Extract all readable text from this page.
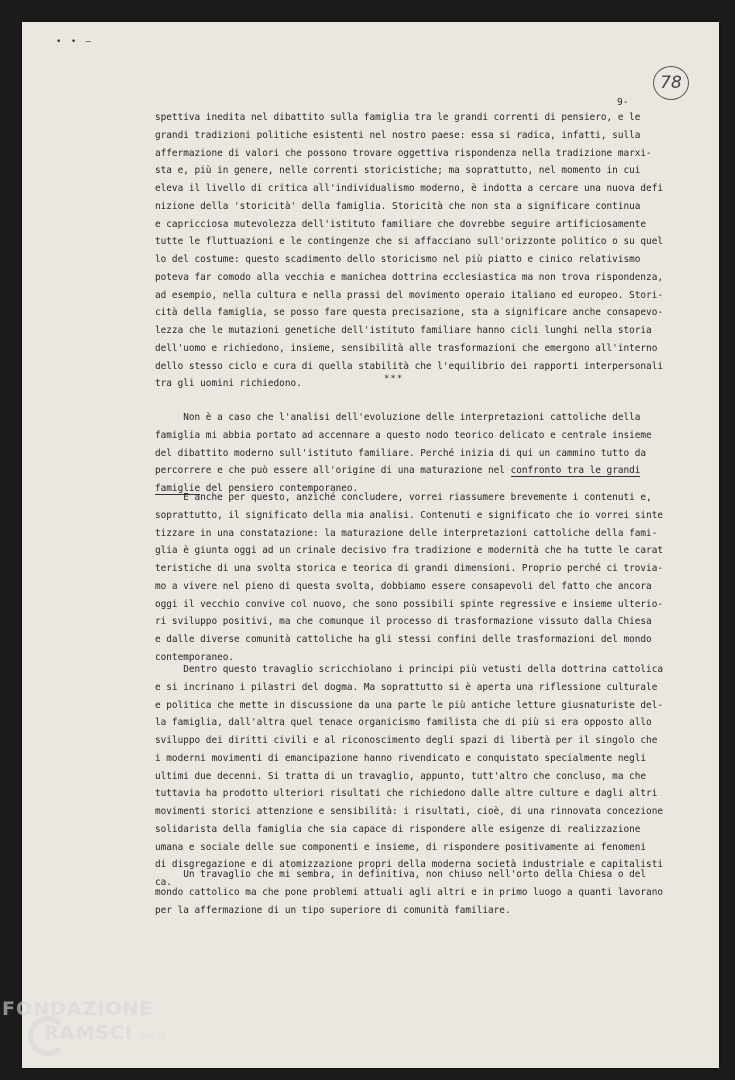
• • ‒
78
9-
spettiva inedita nel dibattito sulla famiglia tra le grandi correnti di pensiero, e le
grandi tradizioni politiche esistenti nel nostro paese: essa si radica, infatti, sulla
affermazione di valori che possono trovare oggettiva rispondenza nella tradizione marxi-
sta e, più in genere, nelle correnti storicistiche; ma soprattutto, nel momento in cui
eleva il livello di critica all'individualismo moderno, è indotta a cercare una nuova defi
nizione della 'storicità' della famiglia. Storicità che non sta a significare continua
e capricciosa mutevolezza dell'istituto familiare che dovrebbe seguire artificiosamente
tutte le fluttuazioni e le contingenze che si affacciano sull'orizzonte politico o su quel
lo del costume: questo scadimento dello storicismo nel più piatto e cinico relativismo
poteva far comodo alla vecchia e manichea dottrina ecclesiastica ma non trova rispondenza,
ad esempio, nella cultura e nella prassi del movimento operaio italiano ed europeo. Stori-
cità della famiglia, se posso fare questa precisazione, sta a significare anche consapevo-
lezza che le mutazioni genetiche dell'istituto familiare hanno cicli lunghi nella storia
dell'uomo e richiedono, insieme, sensibilità alle trasformazioni che emergono all'interno
dello stesso ciclo e cura di quella stabilità che l'equilibrio dei rapporti interpersonali
tra gli uomini richiedono.	***
Non è a caso che l'analisi dell'evoluzione delle interpretazioni cattoliche della
famiglia mi abbia portato ad accennare a questo nodo teorico delicato e centrale insieme
del dibattito moderno sull'istituto familiare. Perché inizia di qui un cammino tutto da
percorrere e che può essere all'origine di una maturazione nel confronto tra le grandi
famiglie del pensiero contemporaneo.
E anche per questo, anziché concludere, vorrei riassumere brevemente i contenuti e,
soprattutto, il significato della mia analisi. Contenuti e significato che io vorrei sinte
tizzare in una constatazione: la maturazione delle interpretazioni cattoliche della fami-
glia è giunta oggi ad un crinale decisivo fra tradizione e modernità che ha tutte le carat
teristiche di una svolta storica e teorica di grandi dimensioni. Proprio perché ci trovia-
mo a vivere nel pieno di questa svolta, dobbiamo essere consapevoli del fatto che ancora
oggi il vecchio convive col nuovo, che sono possibili spinte regressive e insieme ulterio-
ri sviluppo positivi, ma che comunque il processo di trasformazione vissuto dalla Chiesa
e dalle diverse comunità cattoliche ha gli stessi confini delle trasformazioni del mondo
contemporaneo.
Dentro questo travaglio scricchiolano i principi più vetusti della dottrina cattolica
e si incrinano i pilastri del dogma. Ma soprattutto si è aperta una riflessione culturale
e politica che mette in discussione da una parte le più antiche letture giusnaturiste del-
la famiglia, dall'altra quel tenace organicismo familista che di più si era opposto allo
sviluppo dei diritti civili e al riconoscimento degli spazi di libertà per il singolo che
i moderni movimenti di emancipazione hanno rivendicato e conquistato specialmente negli
ultimi due decenni. Si tratta di un travaglio, appunto, tutt'altro che concluso, ma che
tuttavia ha prodotto ulteriori risultati che richiedono dalle altre culture e dagli altri
movimenti storici attenzione e sensibilità: i risultati, cioè, di una rinnovata concezione
solidarista della famiglia che sia capace di rispondere alle esigenze di realizzazione
umana e sociale delle sue componenti e insieme, di rispondere positivamente ai fenomeni
di disgregazione e di atomizzazione propri della moderna società industriale e capitalisti
ca.
Un travaglio che mi sembra, in definitiva, non chiuso nell'orto della Chiesa o del
mondo cattolico ma che pone problemi attuali agli altri e in primo luogo a quanti lavorano
per la affermazione di un tipo superiore di comunità familiare.
FONDAZIONE
RAMSCI onlus
